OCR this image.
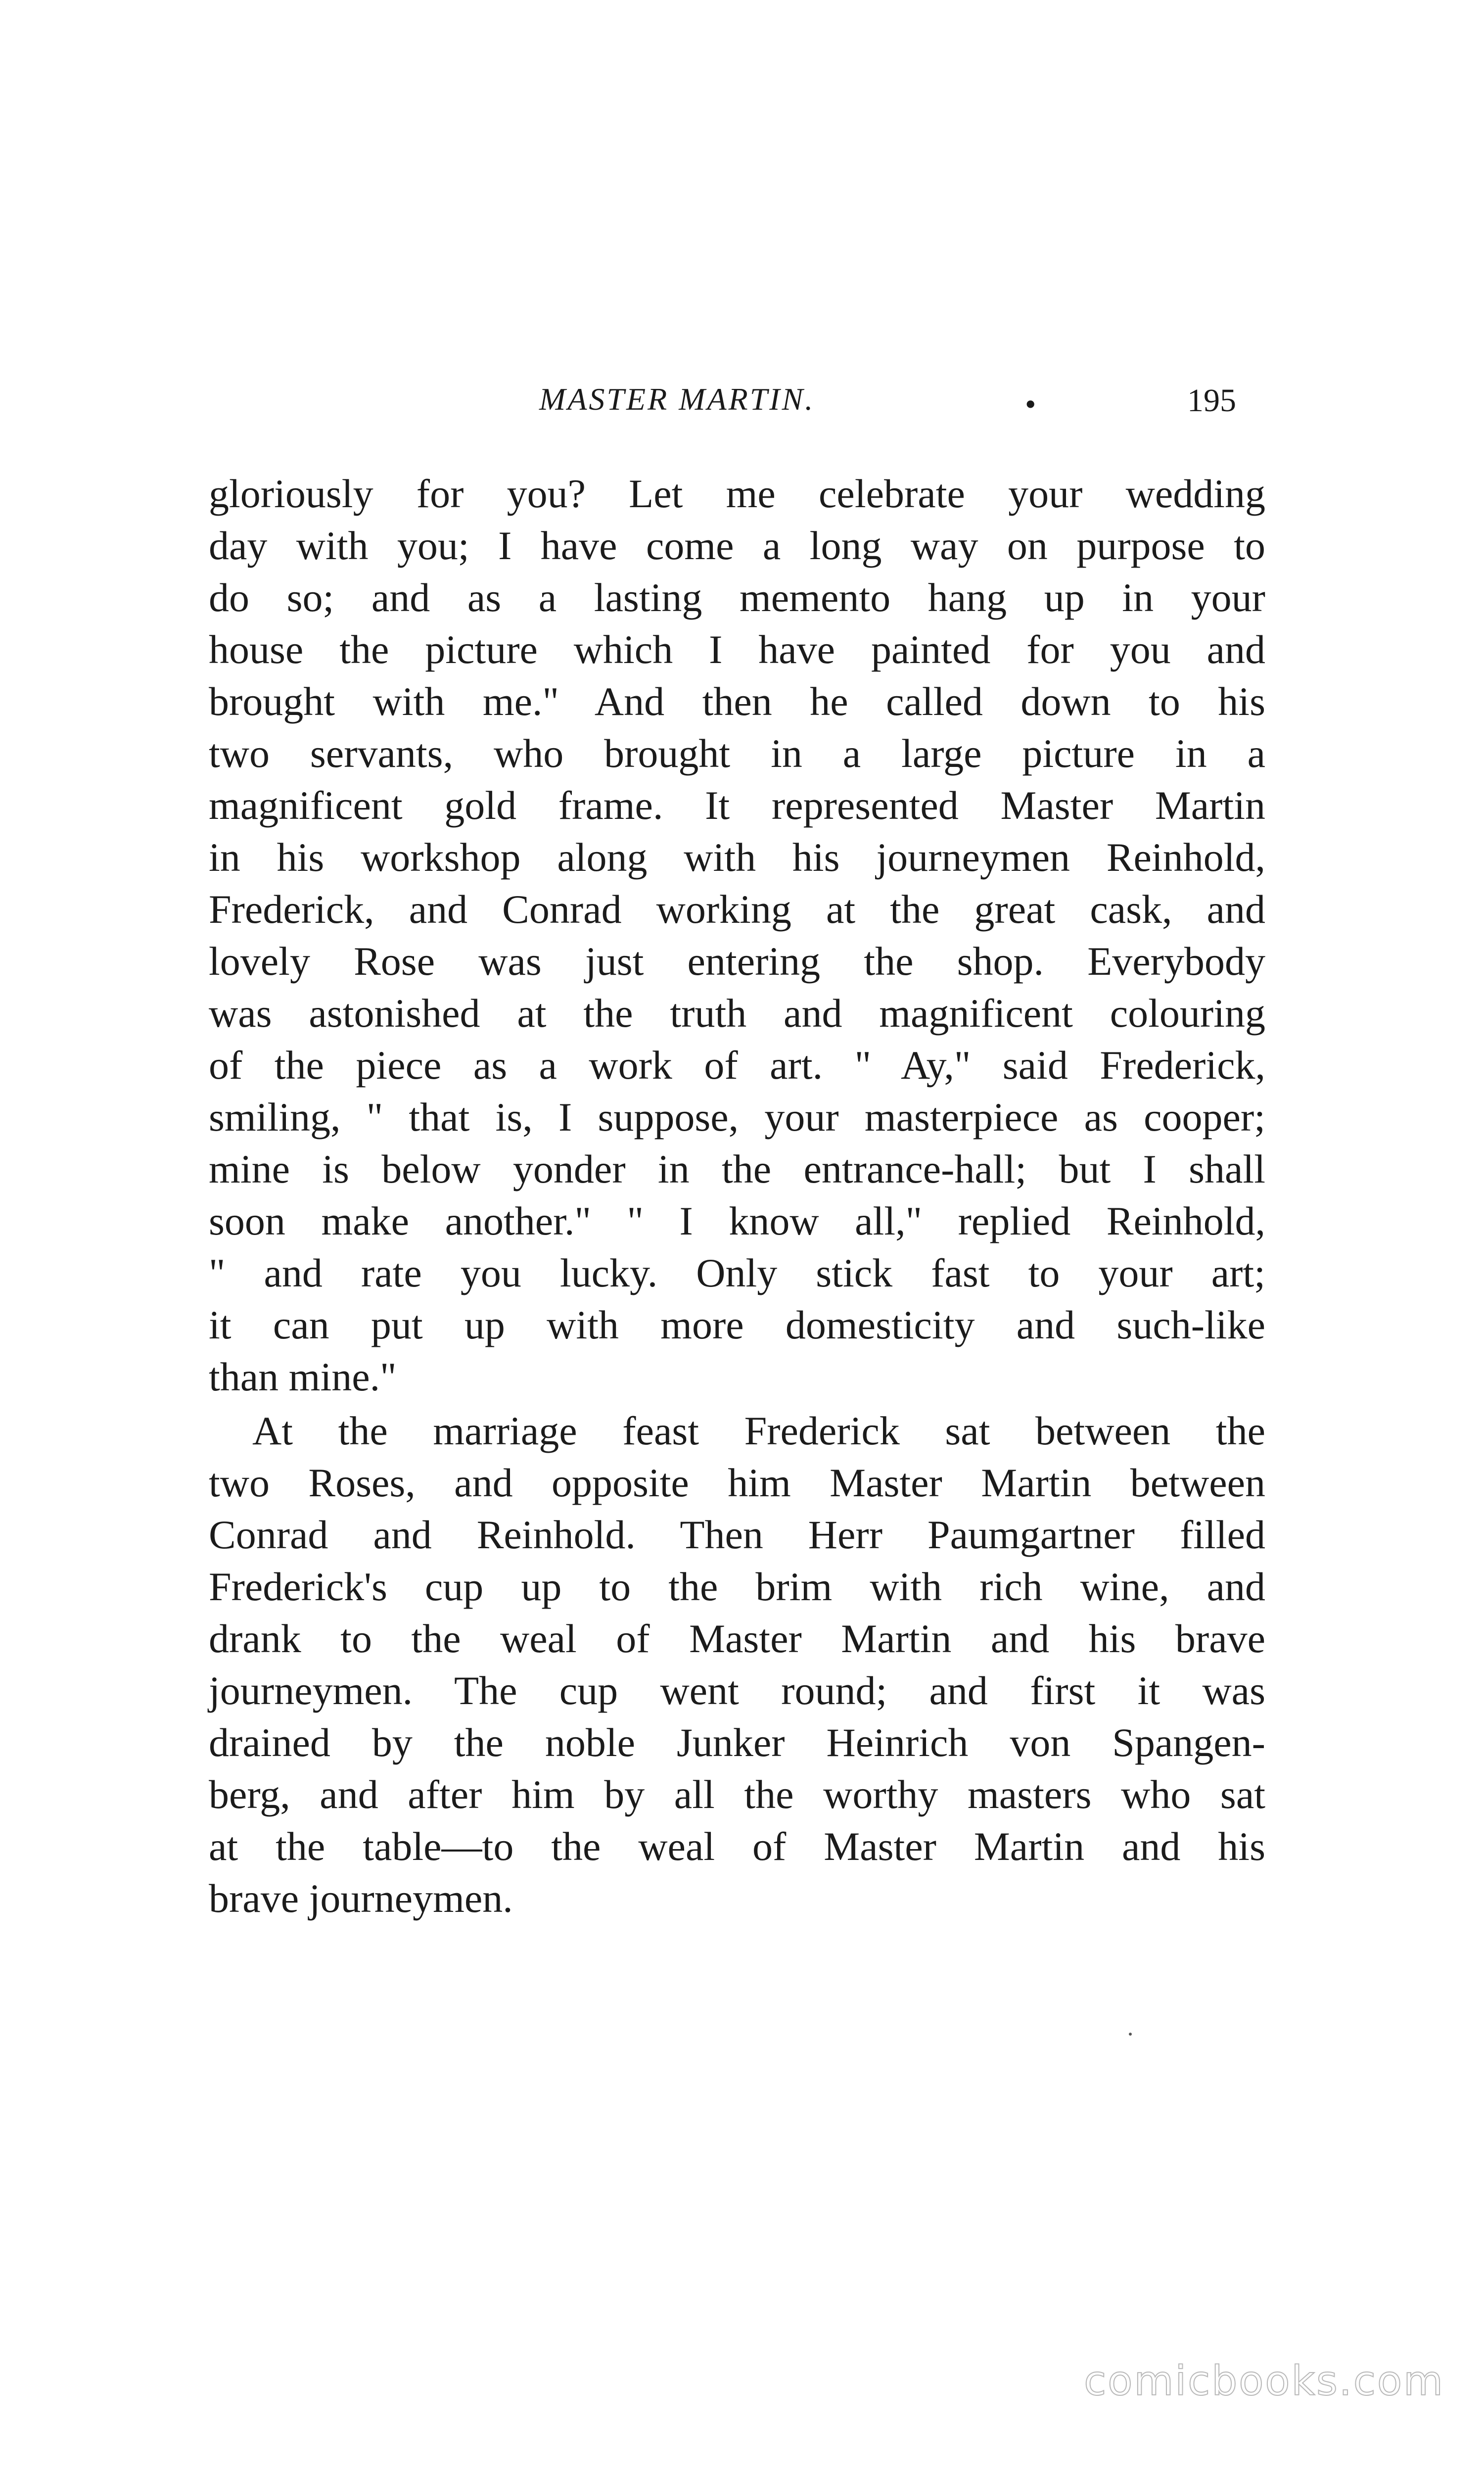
MASTER MARTIN.	•	195
gloriously for you? Let me celebrate your wedding
day with you; I have come a long way on purpose to
do so; and as a lasting memento hang up in your
house the picture which I have painted for you and
brought with me." And then he called down to his
two servants, who brought in a large picture in a
magnificent gold frame. It represented Master Martin
in his workshop along with his journeymen Reinhold,
Frederick, and Conrad working at the great cask, and
lovely Rose was just entering the shop. Everybody
was astonished at the truth and magnificent colouring
of the piece as a work of art. " Ay," said Frederick,
smiling, " that is, I suppose, your masterpiece as cooper;
mine is below yonder in the entrance-hall; but I shall
soon make another." " I know all," replied Reinhold,
" and rate you lucky. Only stick fast to your art;
it can put up with more domesticity and such-like
than mine."
At the marriage feast Frederick sat between the
two Roses, and opposite him Master Martin between
Conrad and Reinhold. Then Herr Paumgartner filled
Frederick's cup up to the brim with rich wine, and
drank to the weal of Master Martin and his brave
journeymen. The cup went round; and first it was
drained by the noble Junker Heinrich von Spangen-
berg, and after him by all the worthy masters who sat
at the table—to the weal of Master Martin and his
brave journeymen.
comicbooks.com
